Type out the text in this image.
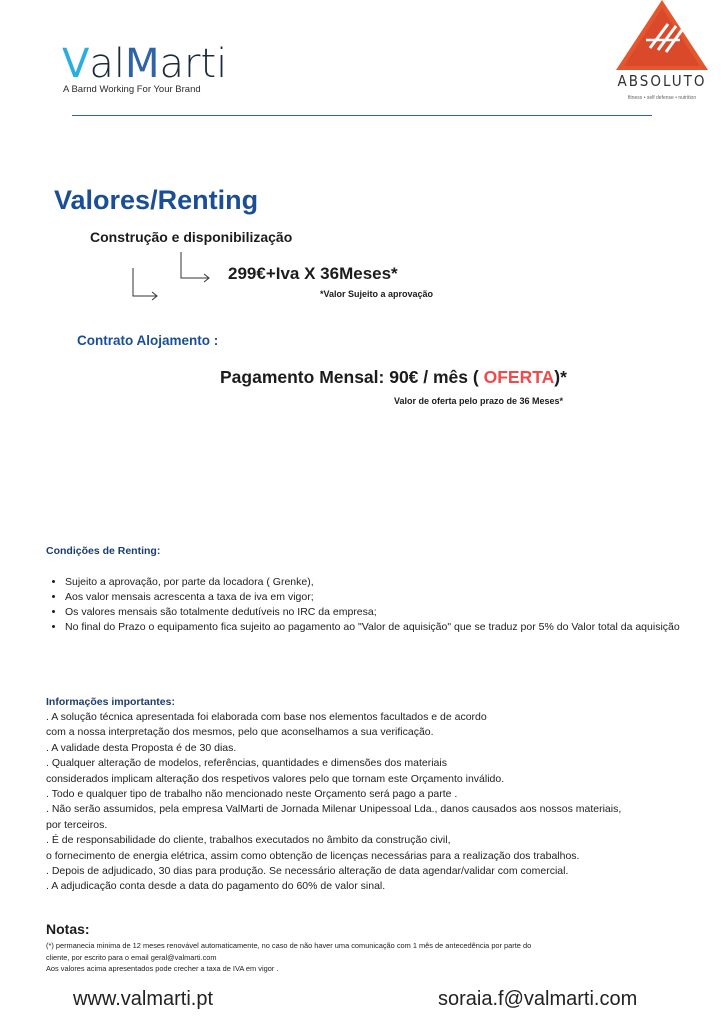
ValMarti
A Barnd Working For Your Brand	ABSOLUTO
fitness • self defense • nutrition
Valores/Renting
Construção e disponibilização
299€+Iva X 36Meses*
*Valor Sujeito a aprovação
Contrato Alojamento :
Pagamento Mensal: 90€ / mês ( OFERTA)*
Valor de oferta pelo prazo de 36 Meses*
Condições de Renting:
• Sujeito a aprovação, por parte da locadora ( Grenke),
• Aos valor mensais acrescenta a taxa de iva em vigor;
• Os valores mensais são totalmente dedutíveis no IRC da empresa;
• No final do Prazo o equipamento fica sujeito ao pagamento ao "Valor de aquisição" que se traduz por 5% do Valor total da aquisição
Informações importantes:
. A solução técnica apresentada foi elaborada com base nos elementos facultados e de acordo
com a nossa interpretação dos mesmos, pelo que aconselhamos a sua verificação.
. A validade desta Proposta é de 30 dias.
. Qualquer alteração de modelos, referências, quantidades e dimensões dos materiais
considerados implicam alteração dos respetivos valores pelo que tornam este Orçamento inválido.
. Todo e qualquer tipo de trabalho não mencionado neste Orçamento será pago a parte .
. Não serão assumidos, pela empresa ValMarti de Jornada Milenar Unipessoal Lda., danos causados aos nossos materiais,
por terceiros.
. É de responsabilidade do cliente, trabalhos executados no âmbito da construção civil,
o fornecimento de energia elétrica, assim como obtenção de licenças necessárias para a realização dos trabalhos.
. Depois de adjudicado, 30 dias para produção. Se necessário alteração de data agendar/validar com comercial.
. A adjudicação conta desde a data do pagamento do 60% de valor sinal.
Notas:
(*) permanecia minima de 12 meses renovável automaticamente, no caso de não haver uma comunicação com 1 mês de antecedência por parte do
cliente, por escrito para o email geral@valmarti.com
Aos valores acima apresentados pode crecher a taxa de IVA em vigor .
www.valmarti.pt	soraia.f@valmarti.com
